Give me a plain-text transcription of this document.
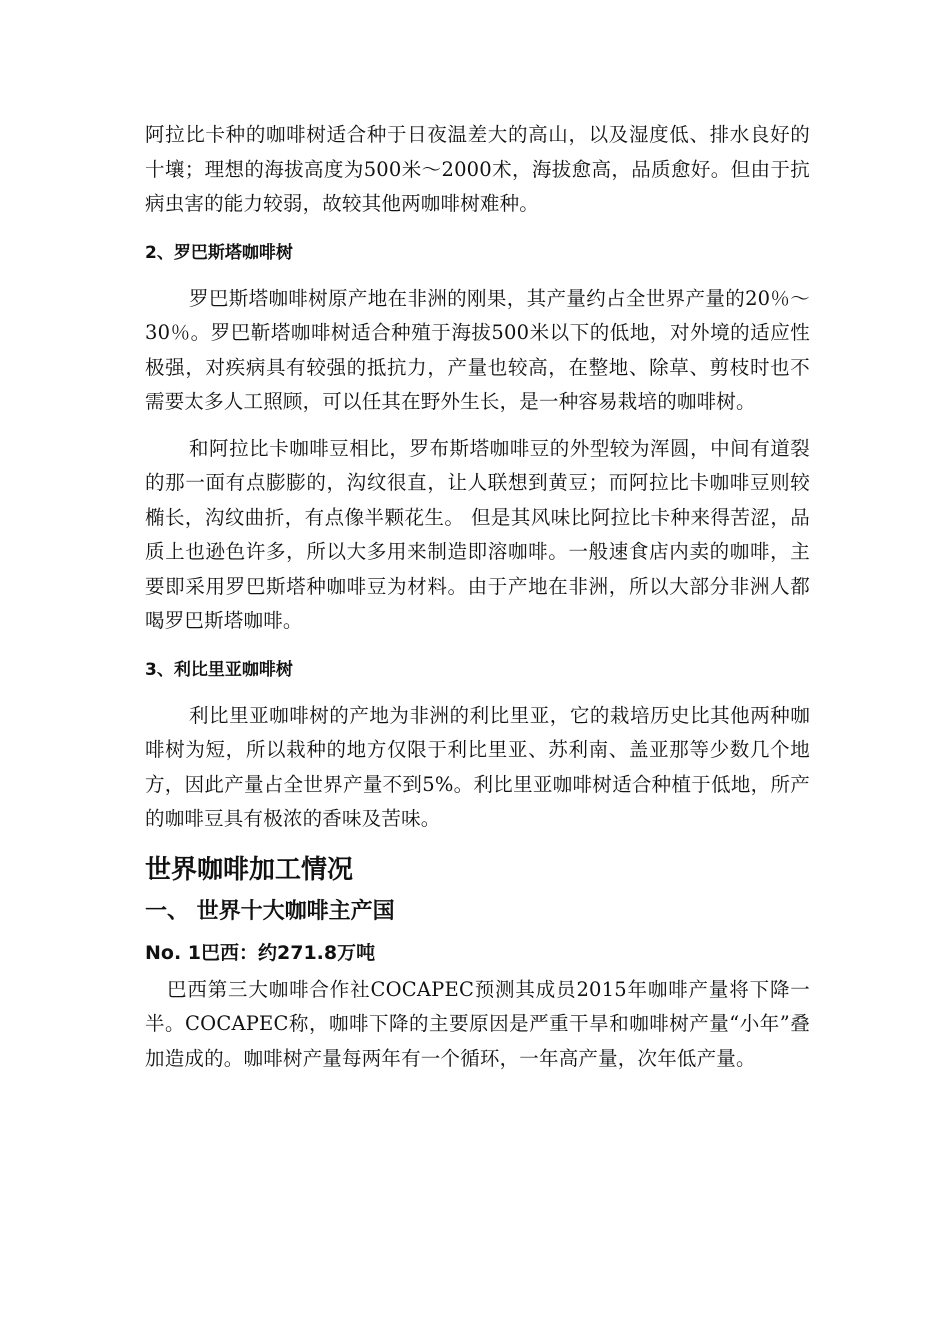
阿拉比卡种的咖啡树适合种于日夜温差大的高山，以及湿度低、排水良好的十壤；理想的海拔高度为500米～2000术，海拔愈高，品质愈好。但由于抗病虫害的能力较弱，故较其他两咖啡树难种。

2、罗巴斯塔咖啡树

罗巴斯塔咖啡树原产地在非洲的刚果，其产量约占全世界产量的20％～30％。罗巴靳塔咖啡树适合种殖于海拔500米以下的低地，对外境的适应性极强，对疾病具有较强的抵抗力，产量也较高，在整地、除草、剪枝时也不需要太多人工照顾，可以任其在野外生长，是一种容易栽培的咖啡树。

和阿拉比卡咖啡豆相比，罗布斯塔咖啡豆的外型较为浑圆，中间有道裂的那一面有点膨膨的，沟纹很直，让人联想到黄豆；而阿拉比卡咖啡豆则较椭长，沟纹曲折，有点像半颗花生。 但是其风味比阿拉比卡种来得苦涩，品质上也逊色许多，所以大多用来制造即溶咖啡。一般速食店内卖的咖啡，主要即采用罗巴斯塔种咖啡豆为材料。由于产地在非洲，所以大部分非洲人都喝罗巴斯塔咖啡。

3、利比里亚咖啡树

利比里亚咖啡树的产地为非洲的利比里亚，它的栽培历史比其他两种咖啡树为短，所以栽种的地方仅限于利比里亚、苏利南、盖亚那等少数几个地方，因此产量占全世界产量不到5%。利比里亚咖啡树适合种植于低地，所产的咖啡豆具有极浓的香味及苦味。

世界咖啡加工情况
一、 世界十大咖啡主产国
No. 1巴西：约271.8万吨

巴西第三大咖啡合作社COCAPEC预测其成员2015年咖啡产量将下降一半。COCAPEC称，咖啡下降的主要原因是严重干旱和咖啡树产量“小年”叠加造成的。咖啡树产量每两年有一个循环，一年高产量，次年低产量。
